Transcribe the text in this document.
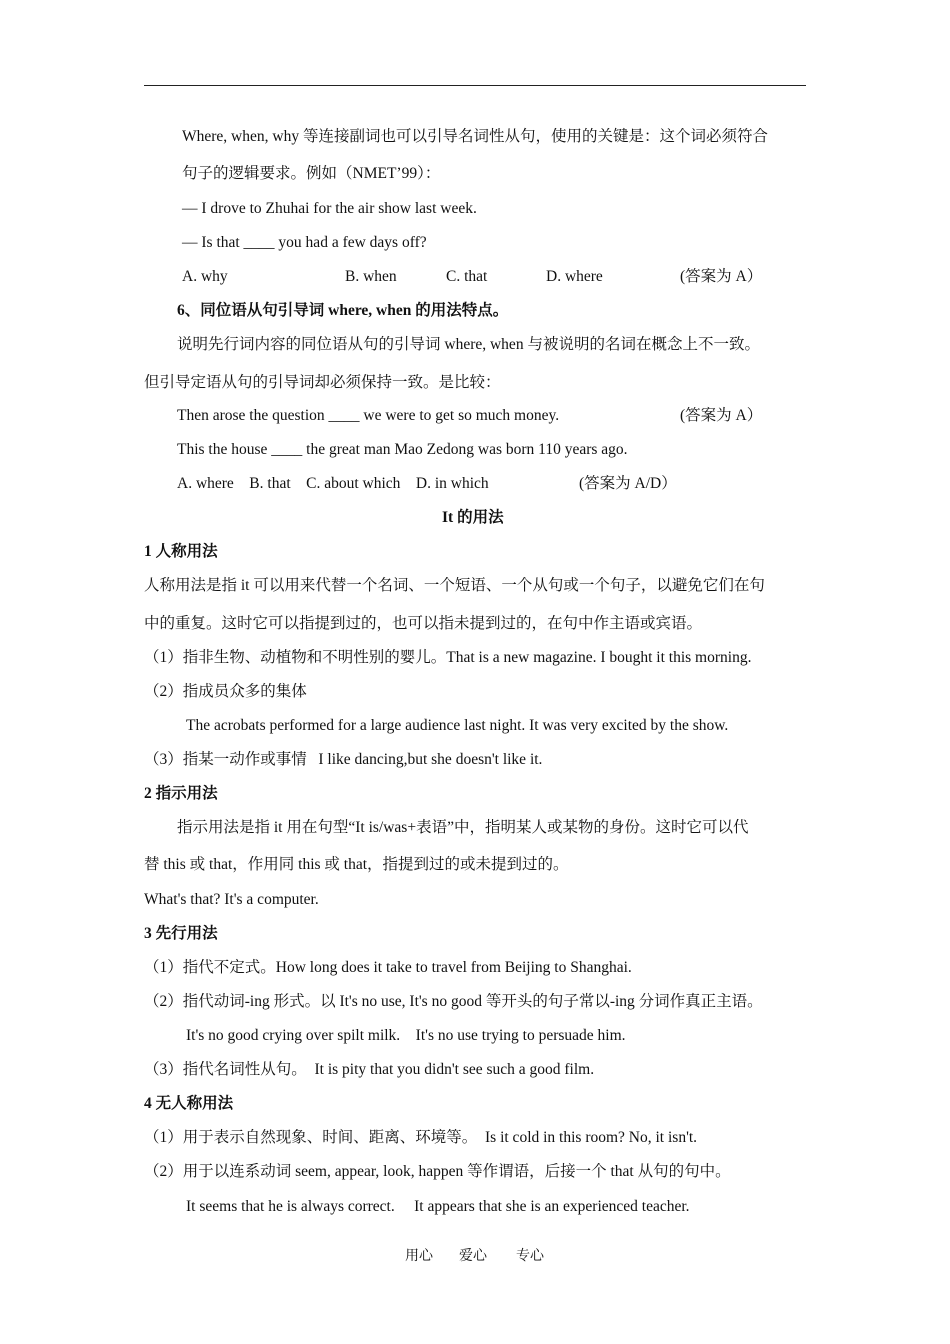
Where, when, why 等连接副词也可以引导名词性从句，使用的关键是：这个词必须符合
句子的逻辑要求。例如（NMET’99）：
— I drove to Zhuhai for the air show last week.
— Is that ____ you had a few days off?
A. why	B. when	C. that	D. where	(答案为 A）
6、同位语从句引导词 where, when 的用法特点。
说明先行词内容的同位语从句的引导词 where, when 与被说明的名词在概念上不一致。
但引导定语从句的引导词却必须保持一致。是比较：
Then arose the question ____ we were to get so much money.	(答案为 A）
This the house ____ the great man Mao Zedong was born 110 years ago.
A. where    B. that    C. about which    D. in which	(答案为 A/D）
It 的用法
1 人称用法
人称用法是指 it 可以用来代替一个名词、一个短语、一个从句或一个句子，以避免它们在句
中的重复。这时它可以指提到过的，也可以指未提到过的，在句中作主语或宾语。
（1）指非生物、动植物和不明性别的婴儿。That is a new magazine. I bought it this morning.
（2）指成员众多的集体
The acrobats performed for a large audience last night. It was very excited by the show.
（3）指某一动作或事情   I like dancing,but she doesn't like it.
2 指示用法
指示用法是指 it 用在句型“It is/was+表语”中，指明某人或某物的身份。这时它可以代
替 this 或 that，作用同 this 或 that，指提到过的或未提到过的。
What's that? It's a computer.
3 先行用法
（1）指代不定式。How long does it take to travel from Beijing to Shanghai.
（2）指代动词-ing 形式。以 It's no use, It's no good 等开头的句子常以-ing 分词作真正主语。
It's no good crying over spilt milk.    It's no use trying to persuade him.
（3）指代名词性从句。  It is pity that you didn't see such a good film.
4 无人称用法
（1）用于表示自然现象、时间、距离、环境等。  Is it cold in this room? No, it isn't.
（2）用于以连系动词 seem, appear, look, happen 等作谓语，后接一个 that 从句的句中。
It seems that he is always correct.     It appears that she is an experienced teacher.
用心 爱心 专心
